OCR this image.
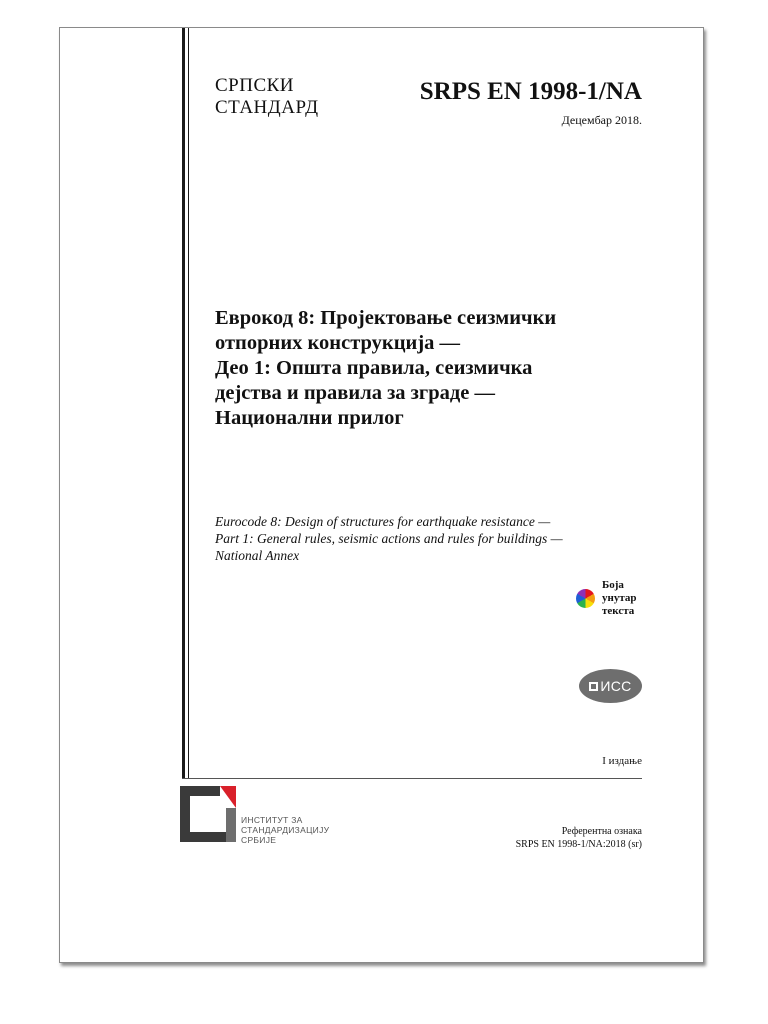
СРПСКИ
СТАНДАРД
SRPS EN 1998-1/NA
Децембар 2018.
Еврокод 8: Пројектовање сеизмички
отпорних конструкција —
Део 1: Општа правила, сеизмичка
дејства и правила за зграде —
Национални прилог
Eurocode 8: Design of structures for earthquake resistance —
Part 1: General rules, seismic actions and rules for buildings —
National Annex
Боја
унутар
текста
ИСС
I издање
ИНСТИТУТ ЗА
СТАНДАРДИЗАЦИЈУ
СРБИЈЕ
Референтна ознака
SRPS EN 1998-1/NA:2018 (sr)
